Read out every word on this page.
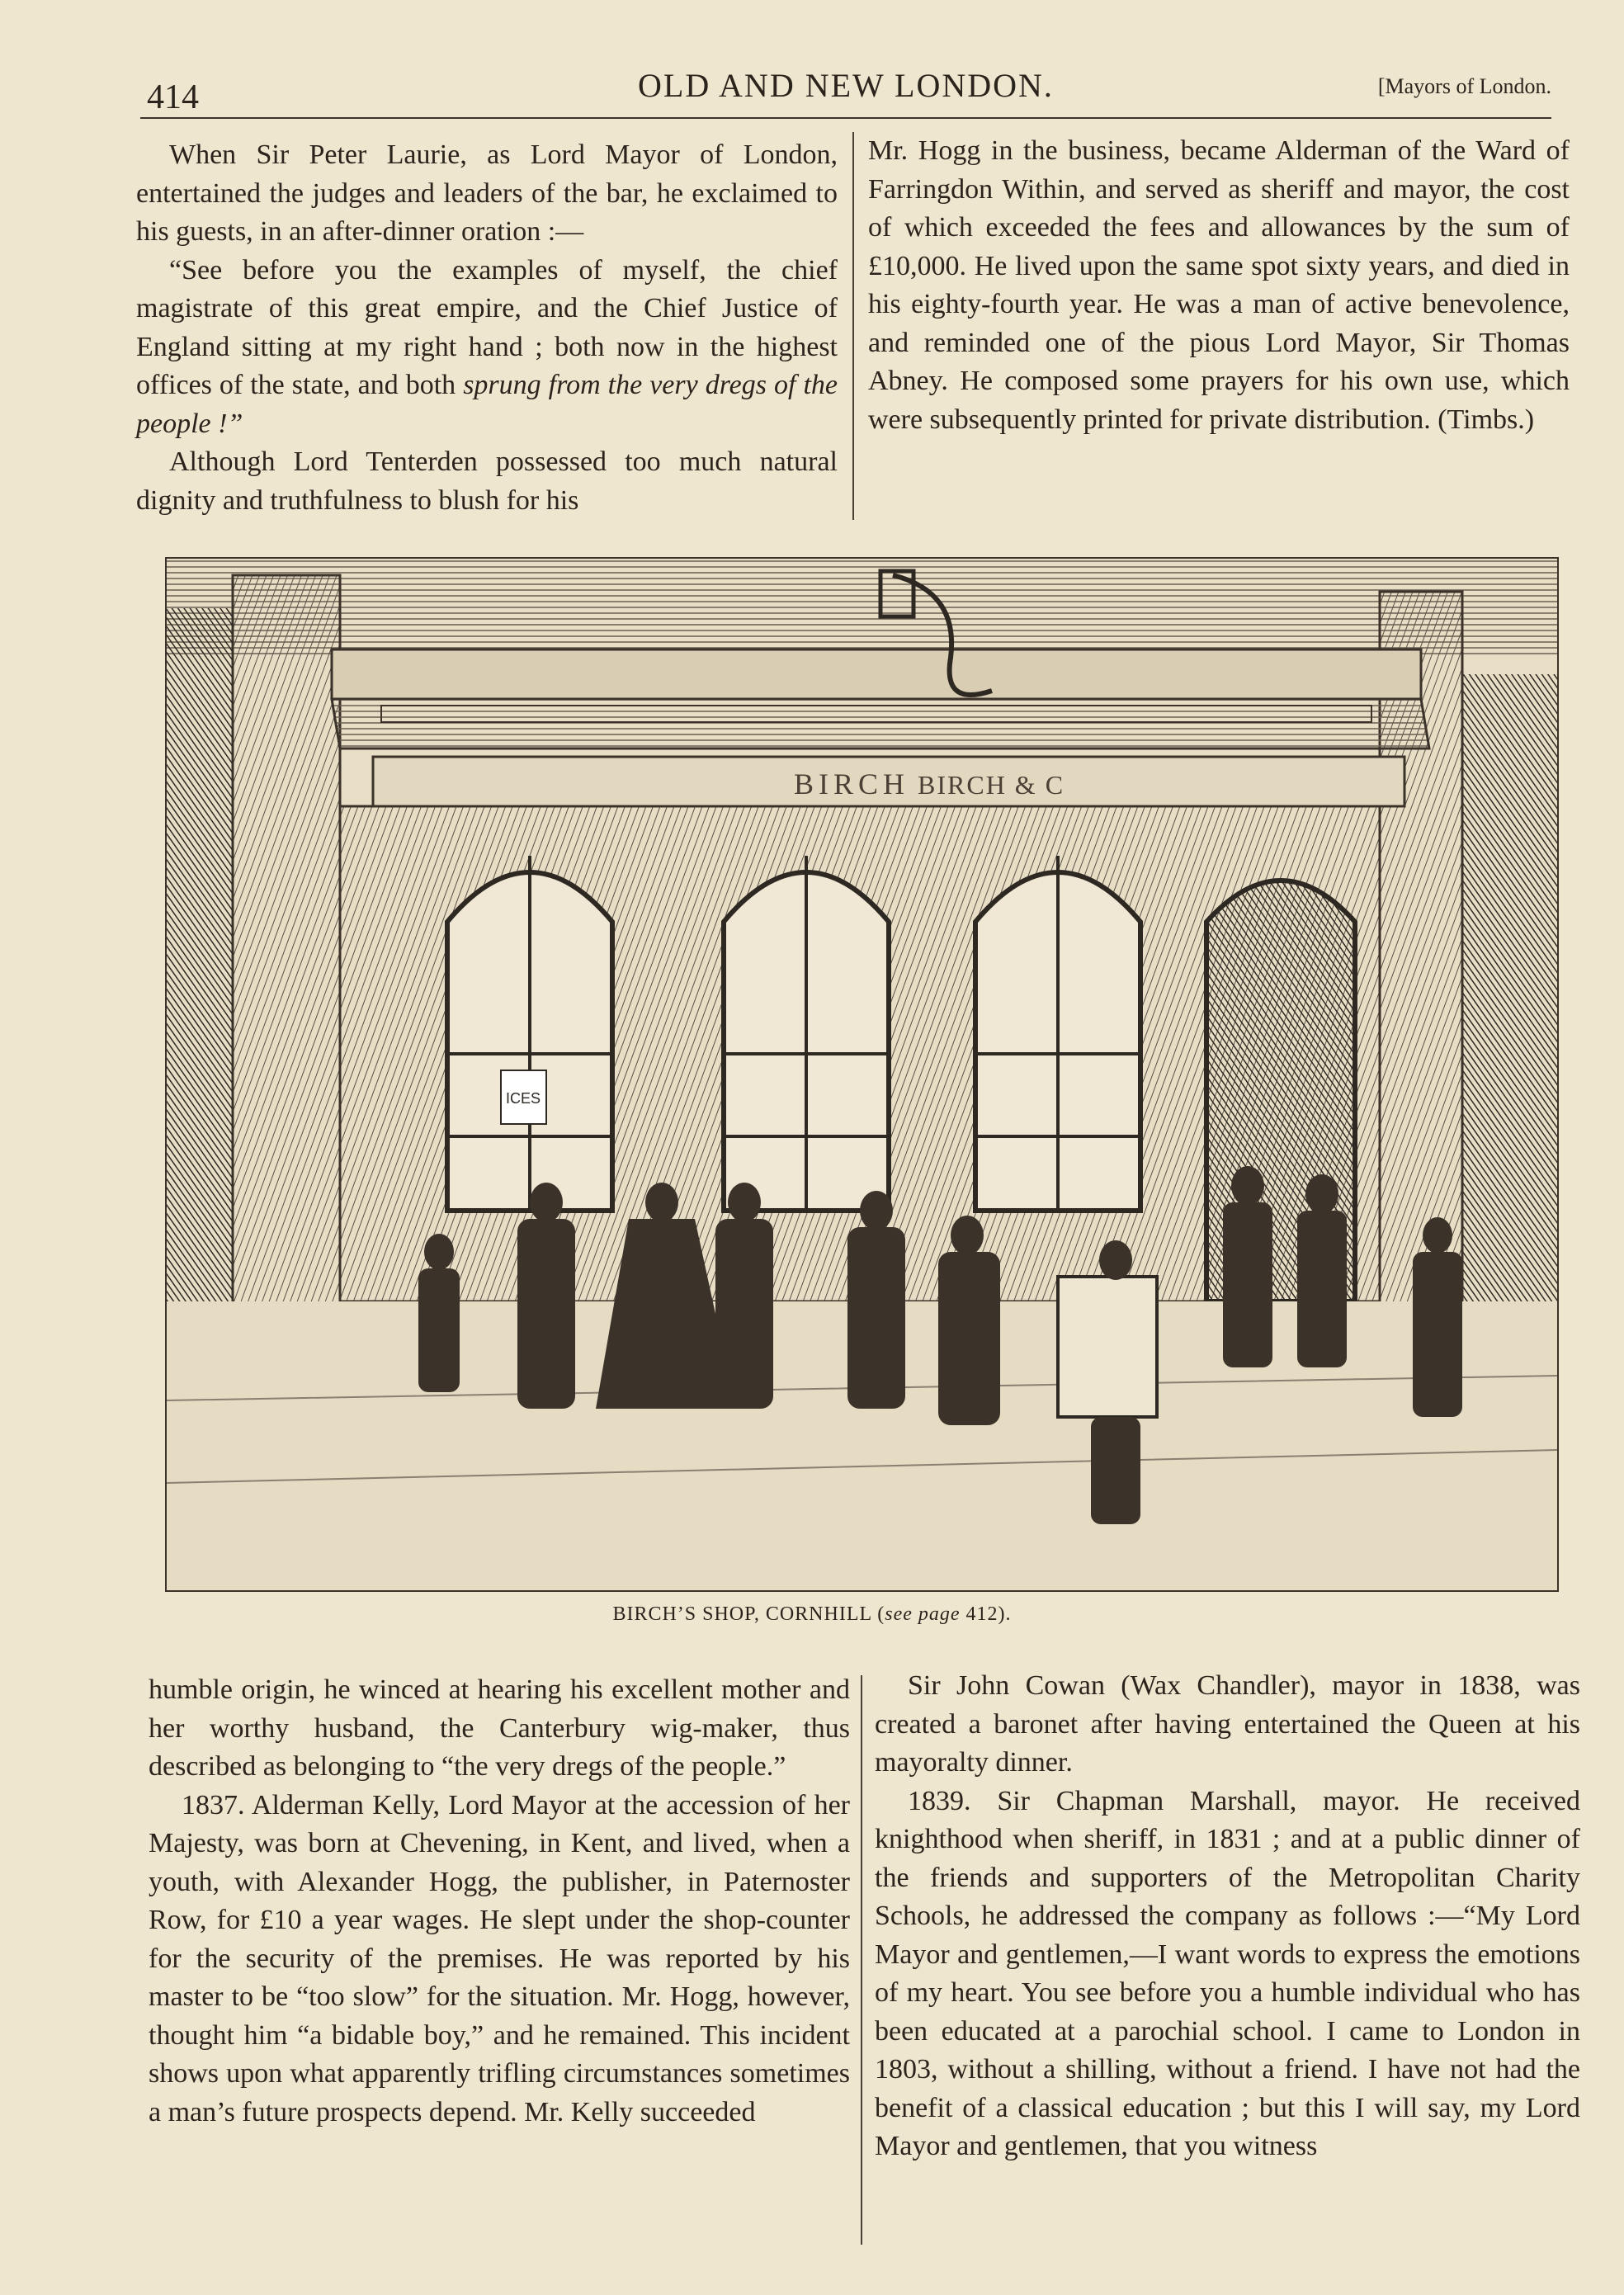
414	OLD AND NEW LONDON.	[Mayors of London.

When Sir Peter Laurie, as Lord Mayor of London, entertained the judges and leaders of the bar, he exclaimed to his guests, in an after-dinner oration :—

“See before you the examples of myself, the chief magistrate of this great empire, and the Chief Justice of England sitting at my right hand ; both now in the highest offices of the state, and both sprung from the very dregs of the people !”

Although Lord Tenterden possessed too much natural dignity and truthfulness to blush for his

Mr. Hogg in the business, became Alderman of the Ward of Farringdon Within, and served as sheriff and mayor, the cost of which exceeded the fees and allowances by the sum of £10,000. He lived upon the same spot sixty years, and died in his eighty-fourth year. He was a man of active benevolence, and reminded one of the pious Lord Mayor, Sir Thomas Abney. He composed some prayers for his own use, which were subsequently printed for private distribution. (Timbs.)

BIRCH BIRCH & C
ICES
BIRCH’S SHOP, CORNHILL (see page 412).

humble origin, he winced at hearing his excellent mother and her worthy husband, the Canterbury wig-maker, thus described as belonging to “the very dregs of the people.”

1837. Alderman Kelly, Lord Mayor at the accession of her Majesty, was born at Chevening, in Kent, and lived, when a youth, with Alexander Hogg, the publisher, in Paternoster Row, for £10 a year wages. He slept under the shop-counter for the security of the premises. He was reported by his master to be “too slow” for the situation. Mr. Hogg, however, thought him “a bidable boy,” and he remained. This incident shows upon what apparently trifling circumstances sometimes a man’s future prospects depend. Mr. Kelly succeeded

Sir John Cowan (Wax Chandler), mayor in 1838, was created a baronet after having entertained the Queen at his mayoralty dinner.

1839. Sir Chapman Marshall, mayor. He received knighthood when sheriff, in 1831 ; and at a public dinner of the friends and supporters of the Metropolitan Charity Schools, he addressed the company as follows :—“My Lord Mayor and gentlemen,—I want words to express the emotions of my heart. You see before you a humble individual who has been educated at a parochial school. I came to London in 1803, without a shilling, without a friend. I have not had the benefit of a classical education ; but this I will say, my Lord Mayor and gentlemen, that you witness
